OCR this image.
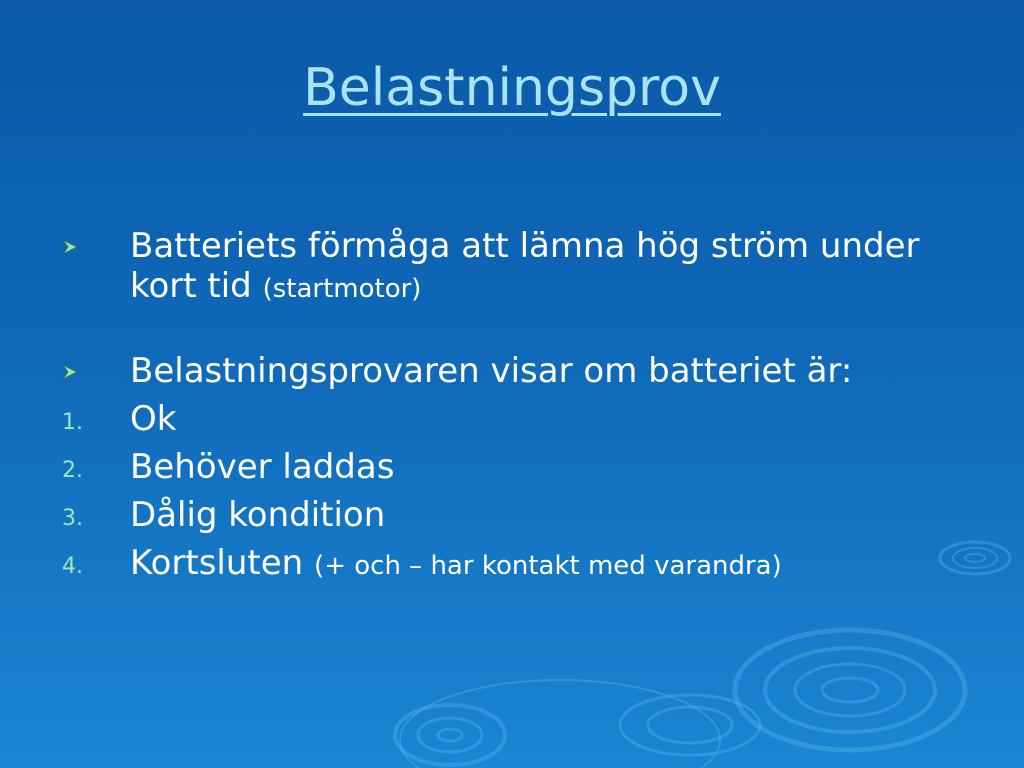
Belastningsprov
Batteriets förmåga att lämna hög ström under kort tid (startmotor)
Belastningsprovaren visar om batteriet är:
1. Ok
2. Behöver laddas
3. Dålig kondition
4. Kortsluten (+ och – har kontakt med varandra)
